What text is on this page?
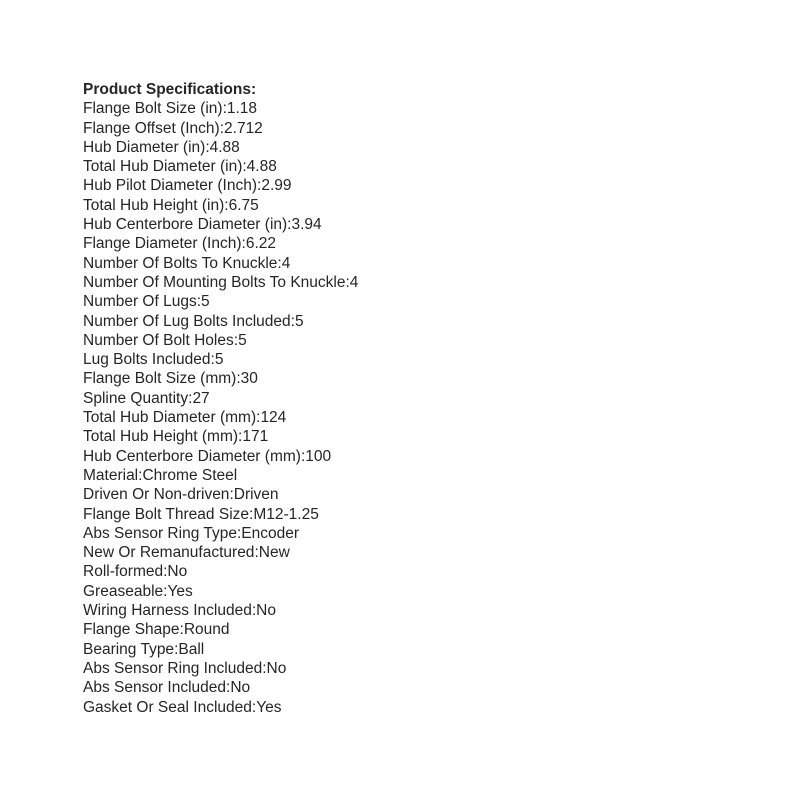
Product Specifications:
Flange Bolt Size (in):1.18
Flange Offset (Inch):2.712
Hub Diameter (in):4.88
Total Hub Diameter (in):4.88
Hub Pilot Diameter (Inch):2.99
Total Hub Height (in):6.75
Hub Centerbore Diameter (in):3.94
Flange Diameter (Inch):6.22
Number Of Bolts To Knuckle:4
Number Of Mounting Bolts To Knuckle:4
Number Of Lugs:5
Number Of Lug Bolts Included:5
Number Of Bolt Holes:5
Lug Bolts Included:5
Flange Bolt Size (mm):30
Spline Quantity:27
Total Hub Diameter (mm):124
Total Hub Height (mm):171
Hub Centerbore Diameter (mm):100
Material:Chrome Steel
Driven Or Non-driven:Driven
Flange Bolt Thread Size:M12-1.25
Abs Sensor Ring Type:Encoder
New Or Remanufactured:New
Roll-formed:No
Greaseable:Yes
Wiring Harness Included:No
Flange Shape:Round
Bearing Type:Ball
Abs Sensor Ring Included:No
Abs Sensor Included:No
Gasket Or Seal Included:Yes
